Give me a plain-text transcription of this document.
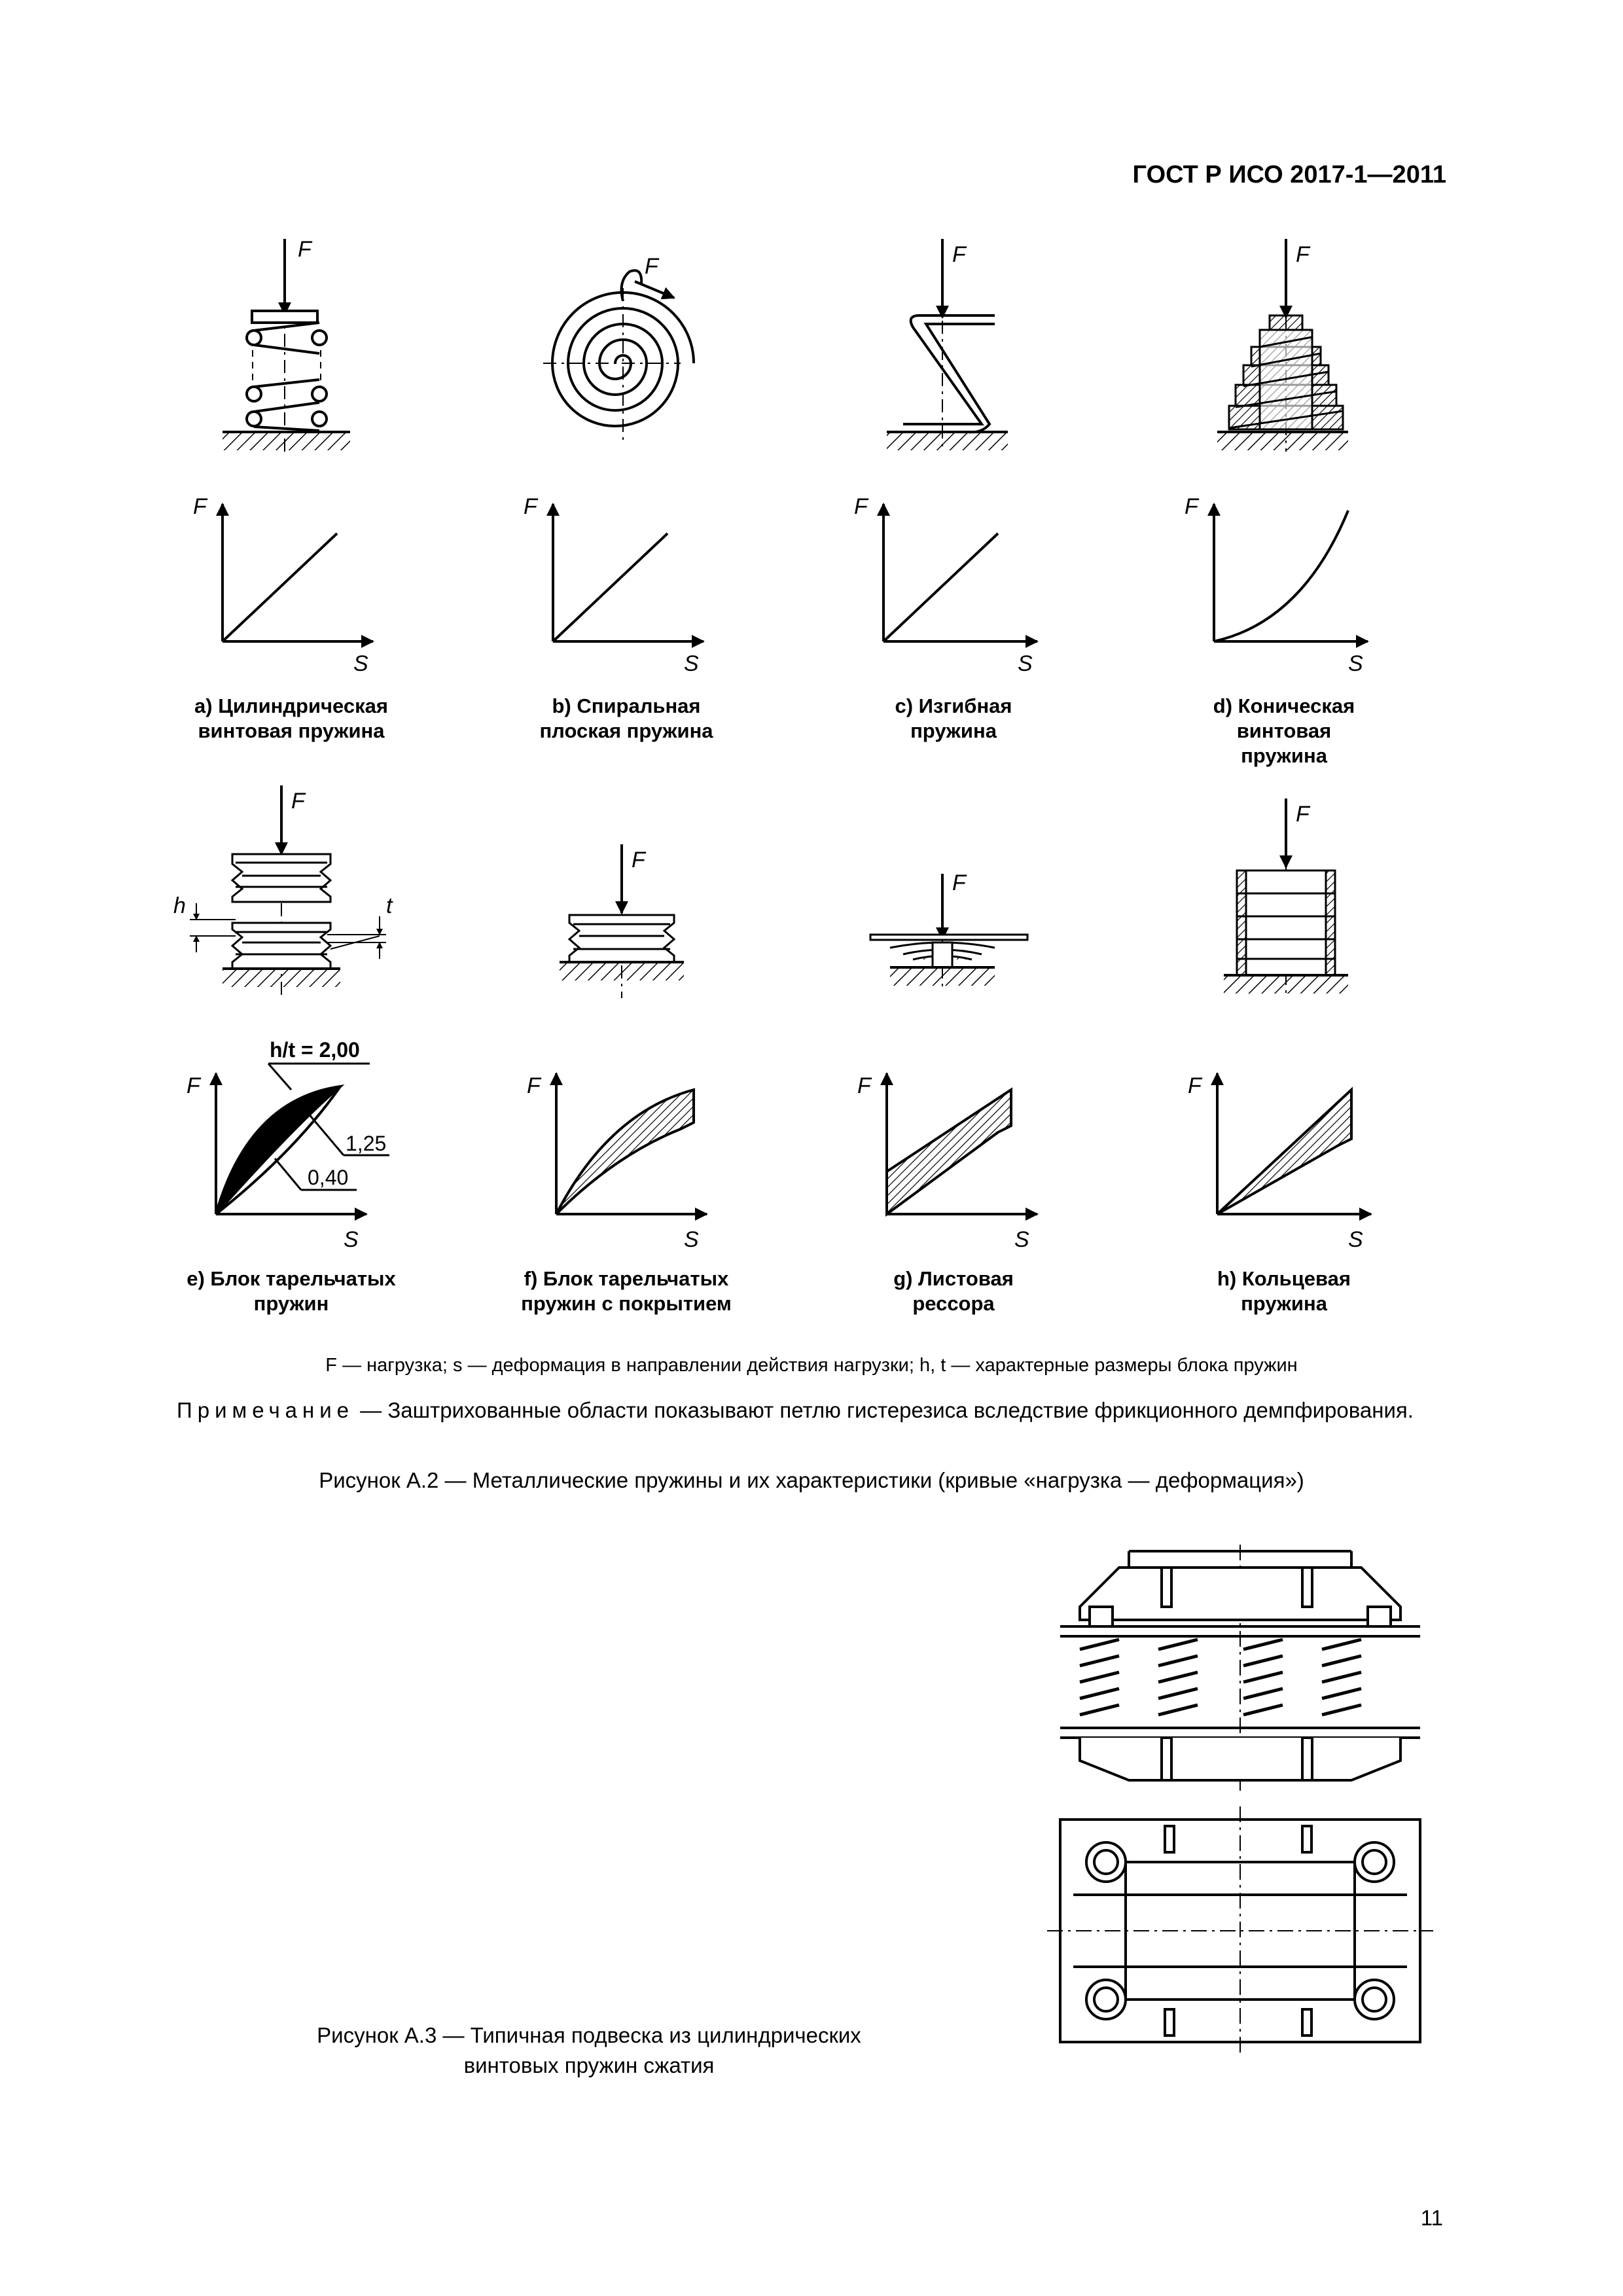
ГОСТ Р ИСО 2017-1—2011
F
F	F	F
F	F	F	F
S	S	S	S
F
F
F
F
h	t
F	F	F	F
S	S	S	S
h/t = 2,00
1,25
0,40
a) Цилиндрическая
винтовая пружина
b) Спиральная
плоская пружина
c) Изгибная
пружина
d) Коническая
винтовая
пружина
e) Блок тарельчатых
пружин
f) Блок тарельчатых
пружин с покрытием
g) Листовая
рессора
h) Кольцевая
пружина
F — нагрузка; s — деформация в направлении действия нагрузки; h, t — характерные размеры блока пружин
Примечание — Заштрихованные области показывают петлю гистерезиса вследствие фрикционного демпфирования.
Рисунок А.2 — Металлические пружины и их характеристики (кривые «нагрузка — деформация»)
Рисунок А.3 — Типичная подвеска из цилиндрических
винтовых пружин сжатия
11
